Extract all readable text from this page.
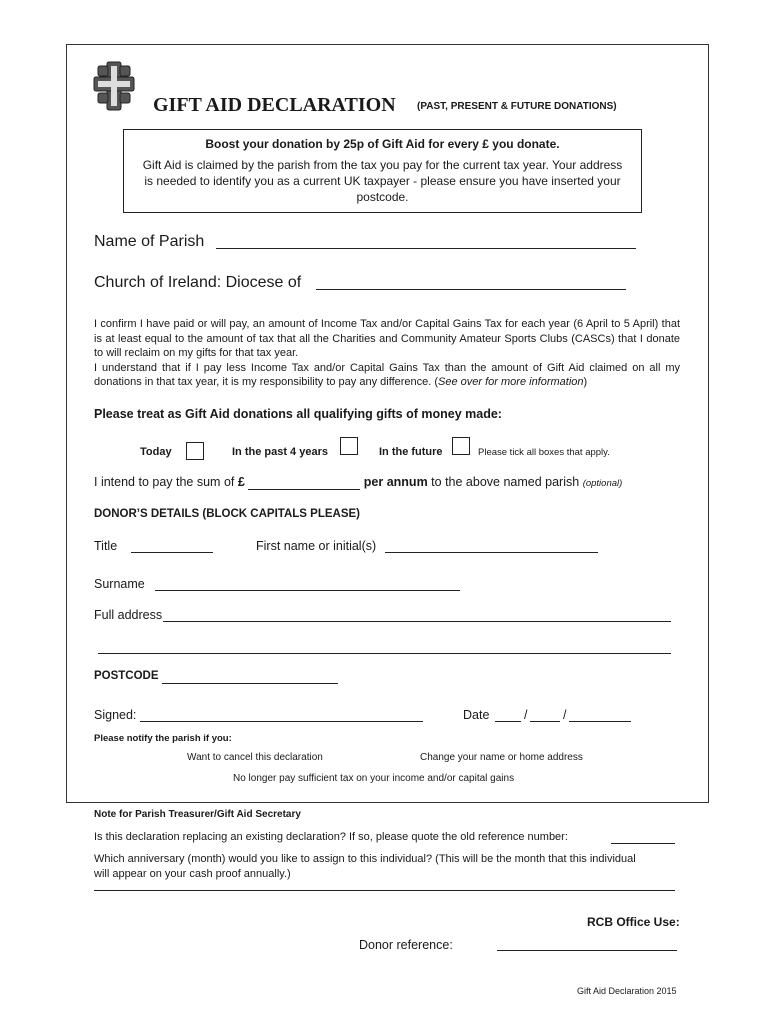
GIFT AID DECLARATION (PAST, PRESENT & FUTURE DONATIONS)
Boost your donation by 25p of Gift Aid for every £ you donate.
Gift Aid is claimed by the parish from the tax you pay for the current tax year. Your address is needed to identify you as a current UK taxpayer - please ensure you have inserted your postcode.
Name of Parish
Church of Ireland: Diocese of
I confirm I have paid or will pay, an amount of Income Tax and/or Capital Gains Tax for each year (6 April to 5 April) that is at least equal to the amount of tax that all the Charities and Community Amateur Sports Clubs (CASCs) that I donate to will reclaim on my gifts for that tax year.
I understand that if I pay less Income Tax and/or Capital Gains Tax than the amount of Gift Aid claimed on all my donations in that tax year, it is my responsibility to pay any difference. (See over for more information)
Please treat as Gift Aid donations all qualifying gifts of money made:
Today	In the past 4 years	In the future	Please tick all boxes that apply.
I intend to pay the sum of £	per annum to the above named parish (optional)
DONOR’S DETAILS (BLOCK CAPITALS PLEASE)
Title	First name or initial(s)
Surname
Full address
POSTCODE
Signed:	Date	/	/
Please notify the parish if you:
Want to cancel this declaration	Change your name or home address
No longer pay sufficient tax on your income and/or capital gains
Note for Parish Treasurer/Gift Aid Secretary
Is this declaration replacing an existing declaration? If so, please quote the old reference number:
Which anniversary (month) would you like to assign to this individual? (This will be the month that this individual will appear on your cash proof annually.)
RCB Office Use:
Donor reference:
Gift Aid Declaration 2015
